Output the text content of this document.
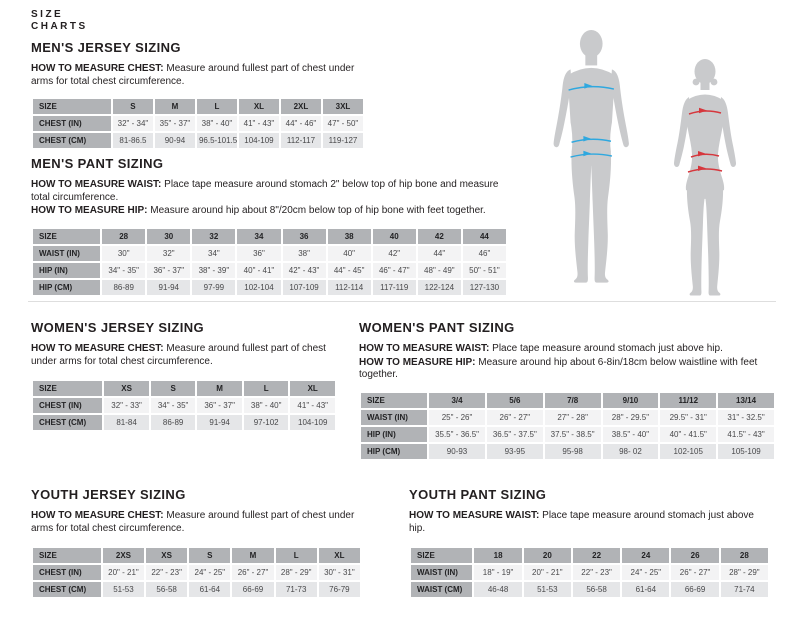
SIZE
CHARTS
MEN'S JERSEY SIZING

HOW TO MEASURE CHEST: Measure around fullest part of chest under arms for total chest circumference.

SIZE	S	M	L	XL	2XL	3XL
CHEST (IN)	32" - 34"	35" - 37"	38" - 40"	41" - 43"	44" - 46"	47" - 50"
CHEST (CM)	81-86.5	90-94	96.5-101.5	104-109	112-117	119-127
MEN'S PANT SIZING

HOW TO MEASURE WAIST: Place tape measure around stomach 2" below top of hip bone and measure total circumference.

HOW TO MEASURE HIP: Measure around hip about 8"/20cm below top of hip bone with feet together.

SIZE	28	30	32	34	36	38	40	42	44
WAIST (IN)	30"	32"	34"	36"	38"	40"	42"	44"	46"
HIP (IN)	34" - 35"	36" - 37"	38" - 39"	40" - 41"	42" - 43"	44" - 45"	46" - 47"	48" - 49"	50" - 51"
HIP (CM)	86-89	91-94	97-99	102-104	107-109	112-114	117-119	122-124	127-130
WOMEN'S JERSEY SIZING

HOW TO MEASURE CHEST: Measure around fullest part of chest under arms for total chest circumference.

SIZE	XS	S	M	L	XL
CHEST (IN)	32" - 33"	34" - 35"	36" - 37"	38" - 40"	41" - 43"
CHEST (CM)	81-84	86-89	91-94	97-102	104-109
WOMEN'S PANT SIZING

HOW TO MEASURE WAIST: Place tape measure around stomach just above hip.

HOW TO MEASURE HIP: Measure around hip about 6-8in/18cm below waistline with feet together.

SIZE	3/4	5/6	7/8	9/10	11/12	13/14
WAIST (IN)	25" - 26"	26" - 27"	27" - 28"	28" - 29.5"	29.5" - 31"	31" - 32.5"
HIP (IN)	35.5" - 36.5"	36.5" - 37.5"	37.5" - 38.5"	38.5" - 40"	40" - 41.5"	41.5" - 43"
HIP (CM)	90-93	93-95	95-98	98- 02	102-105	105-109
YOUTH JERSEY SIZING

HOW TO MEASURE CHEST: Measure around fullest part of chest under arms for total chest circumference.

SIZE	2XS	XS	S	M	L	XL
CHEST (IN)	20" - 21"	22" - 23"	24" - 25"	26" - 27"	28" - 29"	30" - 31"
CHEST (CM)	51-53	56-58	61-64	66-69	71-73	76-79
YOUTH PANT SIZING

HOW TO MEASURE WAIST: Place tape measure around stomach just above hip.

SIZE	18	20	22	24	26	28
WAIST (IN)	18" - 19"	20" - 21"	22" - 23"	24" - 25"	26" - 27"	28" - 29"
WAIST (CM)	46-48	51-53	56-58	61-64	66-69	71-74
